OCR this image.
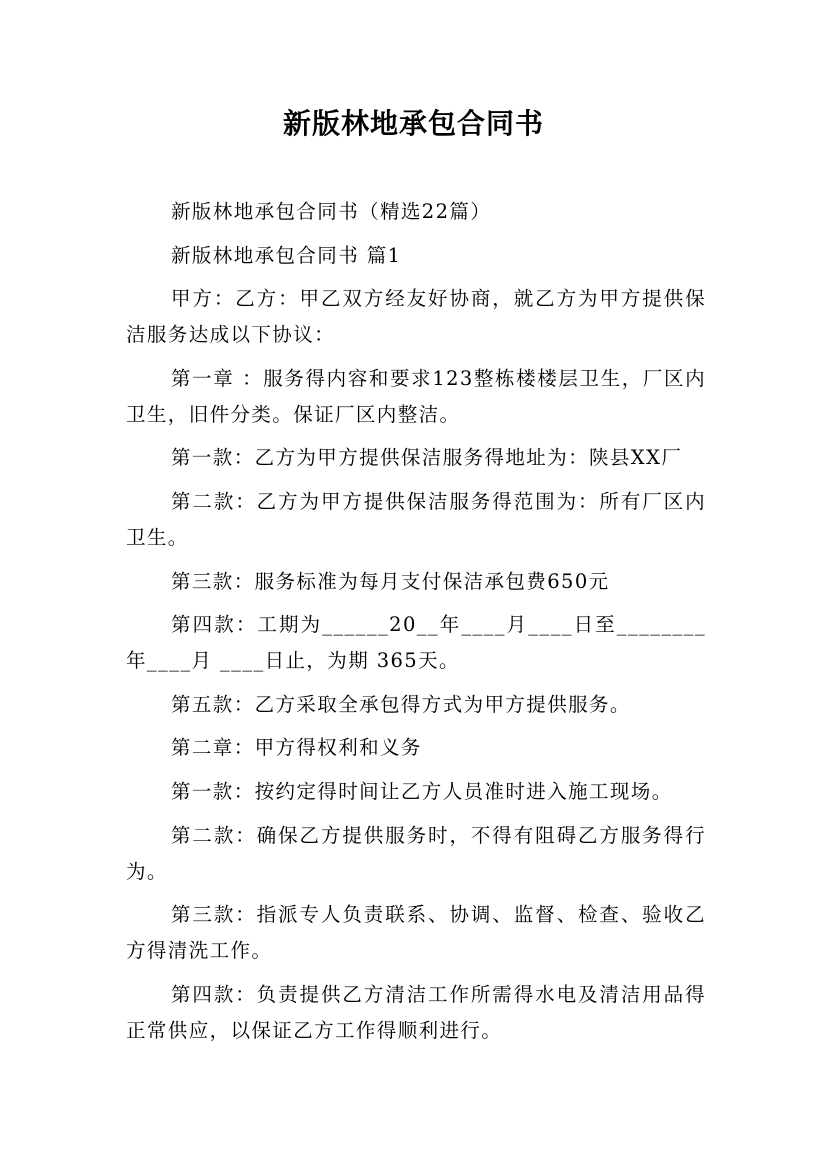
新版林地承包合同书

新版林地承包合同书（精选22篇）

新版林地承包合同书 篇1

甲方：乙方：甲乙双方经友好协商，就乙方为甲方提供保洁服务达成以下协议：

第一章 ：服务得内容和要求123整栋楼楼层卫生，厂区内卫生，旧件分类。保证厂区内整洁。

第一款：乙方为甲方提供保洁服务得地址为：陕县XX厂

第二款：乙方为甲方提供保洁服务得范围为：所有厂区内卫生。

第三款：服务标准为每月支付保洁承包费650元

第四款：工期为______20__年____月____日至________年____月 ____日止，为期 365天。

第五款：乙方采取全承包得方式为甲方提供服务。

第二章：甲方得权利和义务

第一款：按约定得时间让乙方人员准时进入施工现场。

第二款：确保乙方提供服务时，不得有阻碍乙方服务得行为。

第三款：指派专人负责联系、协调、监督、检查、验收乙方得清洗工作。

第四款：负责提供乙方清洁工作所需得水电及清洁用品得正常供应，以保证乙方工作得顺利进行。
